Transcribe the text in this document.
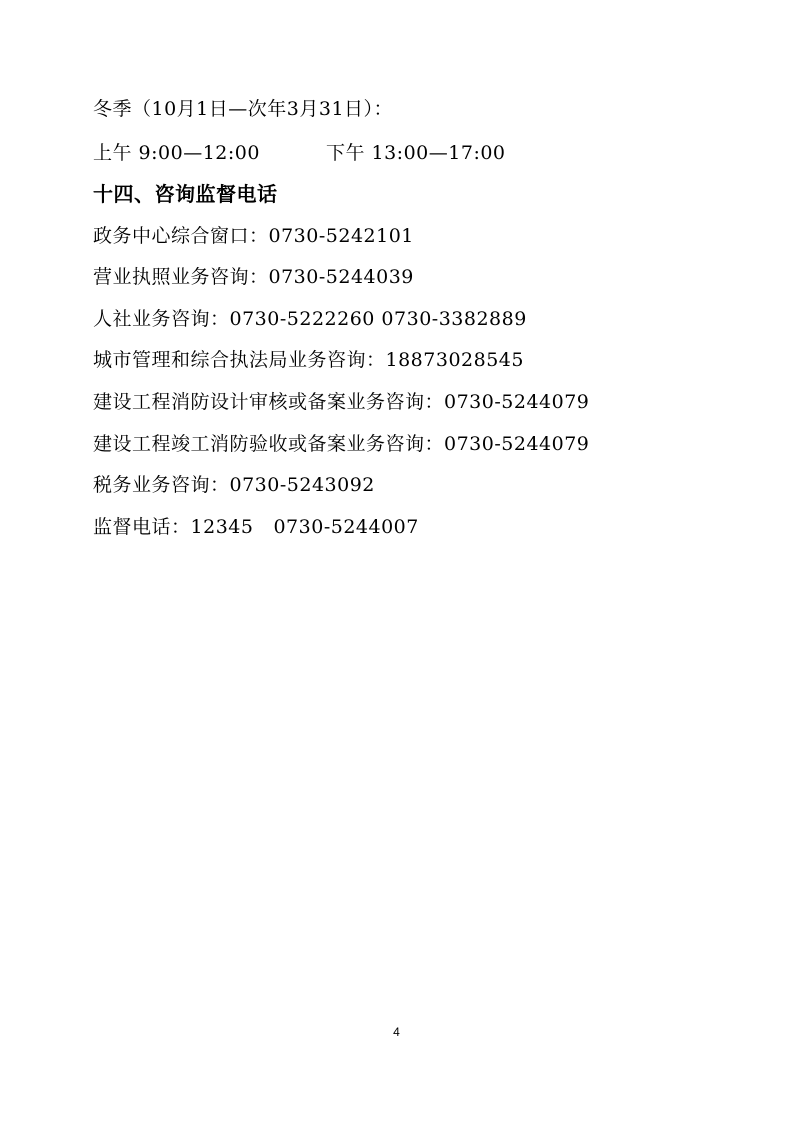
冬季（10月1日—次年3月31日）：
上午 9:00—12:00	下午 13:00—17:00
十四、咨询监督电话
政务中心综合窗口：0730-5242101
营业执照业务咨询：0730-5244039
人社业务咨询：0730-5222260 0730-3382889
城市管理和综合执法局业务咨询：18873028545
建设工程消防设计审核或备案业务咨询：0730-5244079
建设工程竣工消防验收或备案业务咨询：0730-5244079
税务业务咨询：0730-5243092
监督电话：12345 0730-5244007
4
